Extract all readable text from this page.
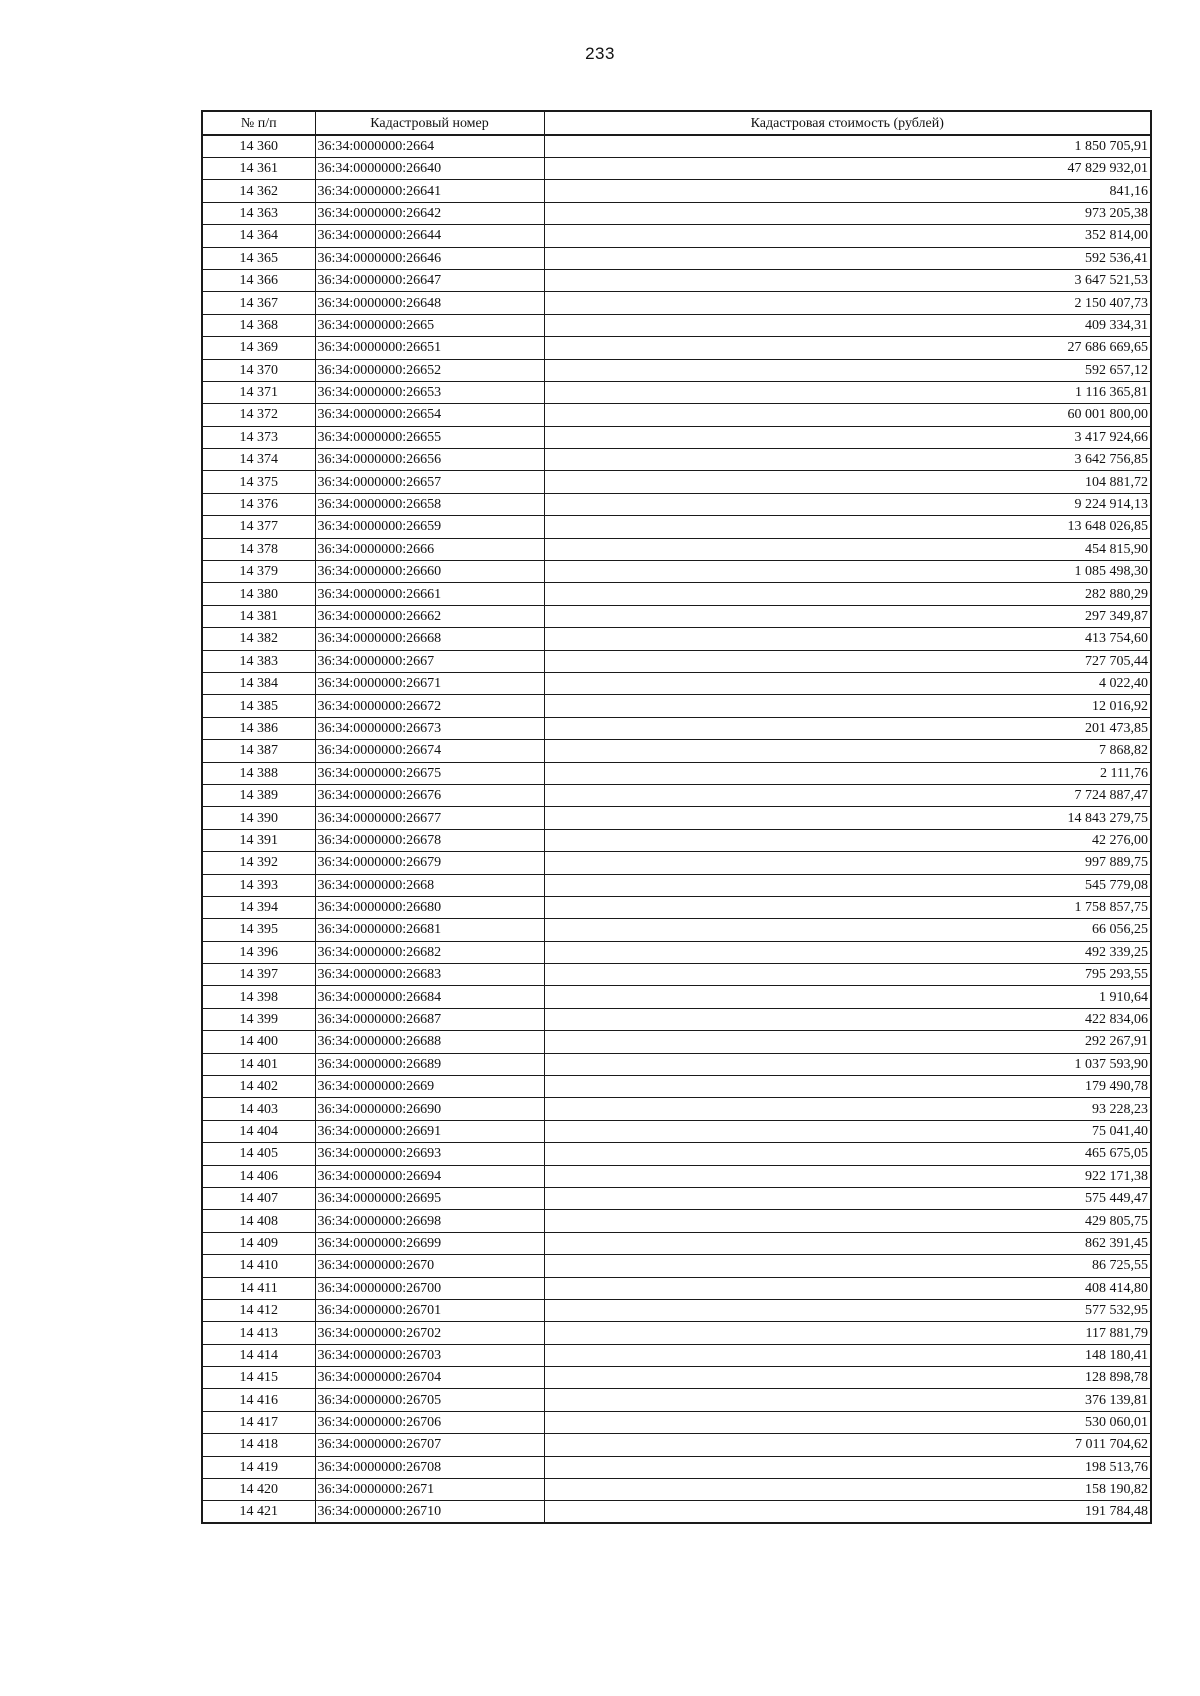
233
№ п/п	Кадастровый номер	Кадастровая стоимость (рублей)
14 360	36:34:0000000:2664	1 850 705,91
14 361	36:34:0000000:26640	47 829 932,01
14 362	36:34:0000000:26641	841,16
14 363	36:34:0000000:26642	973 205,38
14 364	36:34:0000000:26644	352 814,00
14 365	36:34:0000000:26646	592 536,41
14 366	36:34:0000000:26647	3 647 521,53
14 367	36:34:0000000:26648	2 150 407,73
14 368	36:34:0000000:2665	409 334,31
14 369	36:34:0000000:26651	27 686 669,65
14 370	36:34:0000000:26652	592 657,12
14 371	36:34:0000000:26653	1 116 365,81
14 372	36:34:0000000:26654	60 001 800,00
14 373	36:34:0000000:26655	3 417 924,66
14 374	36:34:0000000:26656	3 642 756,85
14 375	36:34:0000000:26657	104 881,72
14 376	36:34:0000000:26658	9 224 914,13
14 377	36:34:0000000:26659	13 648 026,85
14 378	36:34:0000000:2666	454 815,90
14 379	36:34:0000000:26660	1 085 498,30
14 380	36:34:0000000:26661	282 880,29
14 381	36:34:0000000:26662	297 349,87
14 382	36:34:0000000:26668	413 754,60
14 383	36:34:0000000:2667	727 705,44
14 384	36:34:0000000:26671	4 022,40
14 385	36:34:0000000:26672	12 016,92
14 386	36:34:0000000:26673	201 473,85
14 387	36:34:0000000:26674	7 868,82
14 388	36:34:0000000:26675	2 111,76
14 389	36:34:0000000:26676	7 724 887,47
14 390	36:34:0000000:26677	14 843 279,75
14 391	36:34:0000000:26678	42 276,00
14 392	36:34:0000000:26679	997 889,75
14 393	36:34:0000000:2668	545 779,08
14 394	36:34:0000000:26680	1 758 857,75
14 395	36:34:0000000:26681	66 056,25
14 396	36:34:0000000:26682	492 339,25
14 397	36:34:0000000:26683	795 293,55
14 398	36:34:0000000:26684	1 910,64
14 399	36:34:0000000:26687	422 834,06
14 400	36:34:0000000:26688	292 267,91
14 401	36:34:0000000:26689	1 037 593,90
14 402	36:34:0000000:2669	179 490,78
14 403	36:34:0000000:26690	93 228,23
14 404	36:34:0000000:26691	75 041,40
14 405	36:34:0000000:26693	465 675,05
14 406	36:34:0000000:26694	922 171,38
14 407	36:34:0000000:26695	575 449,47
14 408	36:34:0000000:26698	429 805,75
14 409	36:34:0000000:26699	862 391,45
14 410	36:34:0000000:2670	86 725,55
14 411	36:34:0000000:26700	408 414,80
14 412	36:34:0000000:26701	577 532,95
14 413	36:34:0000000:26702	117 881,79
14 414	36:34:0000000:26703	148 180,41
14 415	36:34:0000000:26704	128 898,78
14 416	36:34:0000000:26705	376 139,81
14 417	36:34:0000000:26706	530 060,01
14 418	36:34:0000000:26707	7 011 704,62
14 419	36:34:0000000:26708	198 513,76
14 420	36:34:0000000:2671	158 190,82
14 421	36:34:0000000:26710	191 784,48
